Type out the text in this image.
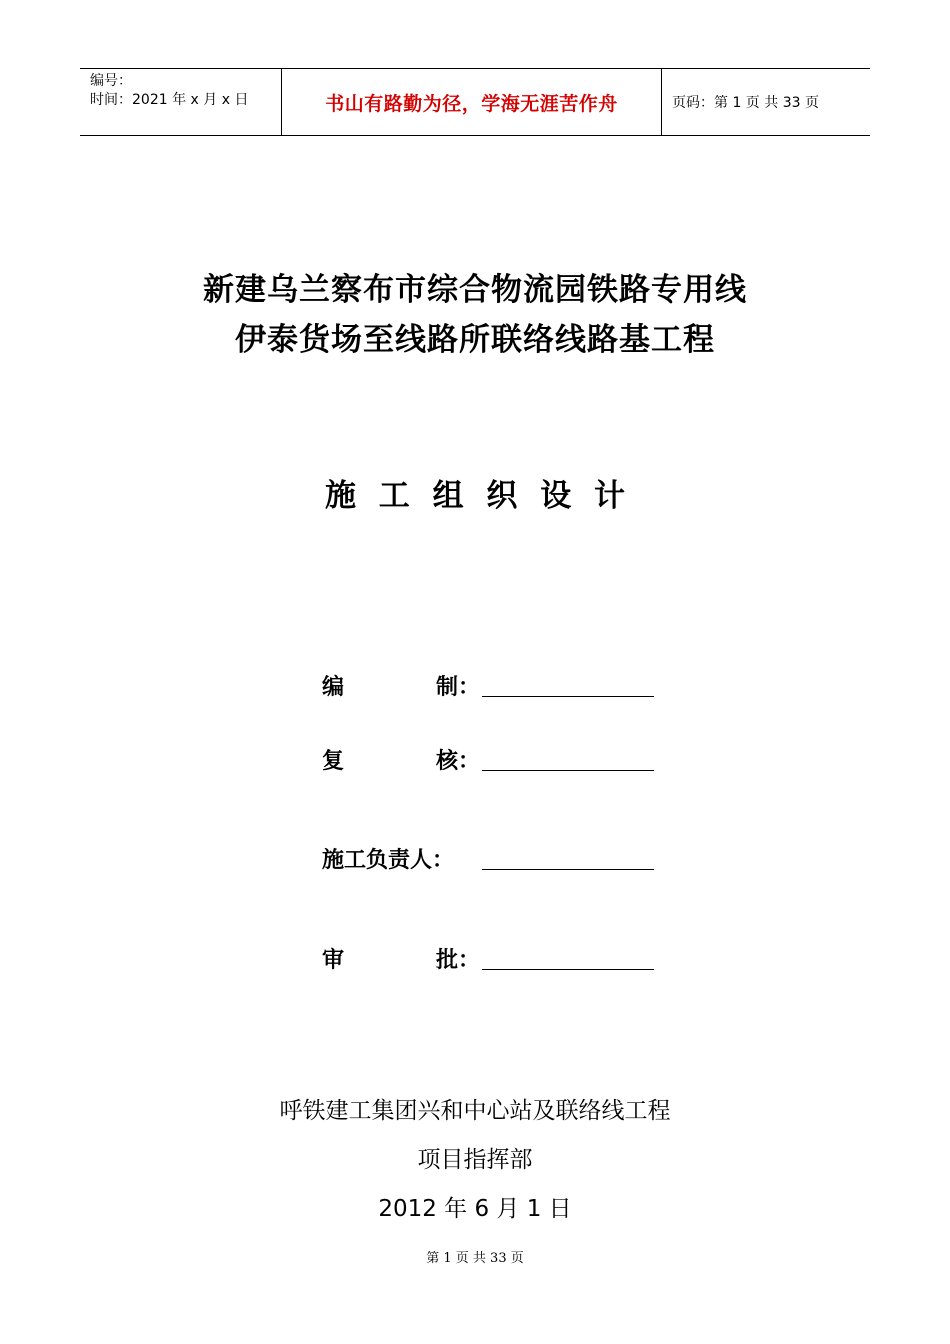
编号：
时间：2021 年 x 月 x 日	书山有路勤为径，学海无涯苦作舟	页码：第 1 页 共 33 页
新建乌兰察布市综合物流园铁路专用线
伊泰货场至线路所联络线路基工程
施 工 组 织 设 计
编	制：
复	核：
施工负责人：
审	批：
呼铁建工集团兴和中心站及联络线工程
项目指挥部
2012 年 6 月 1 日
第 1 页 共 33 页
